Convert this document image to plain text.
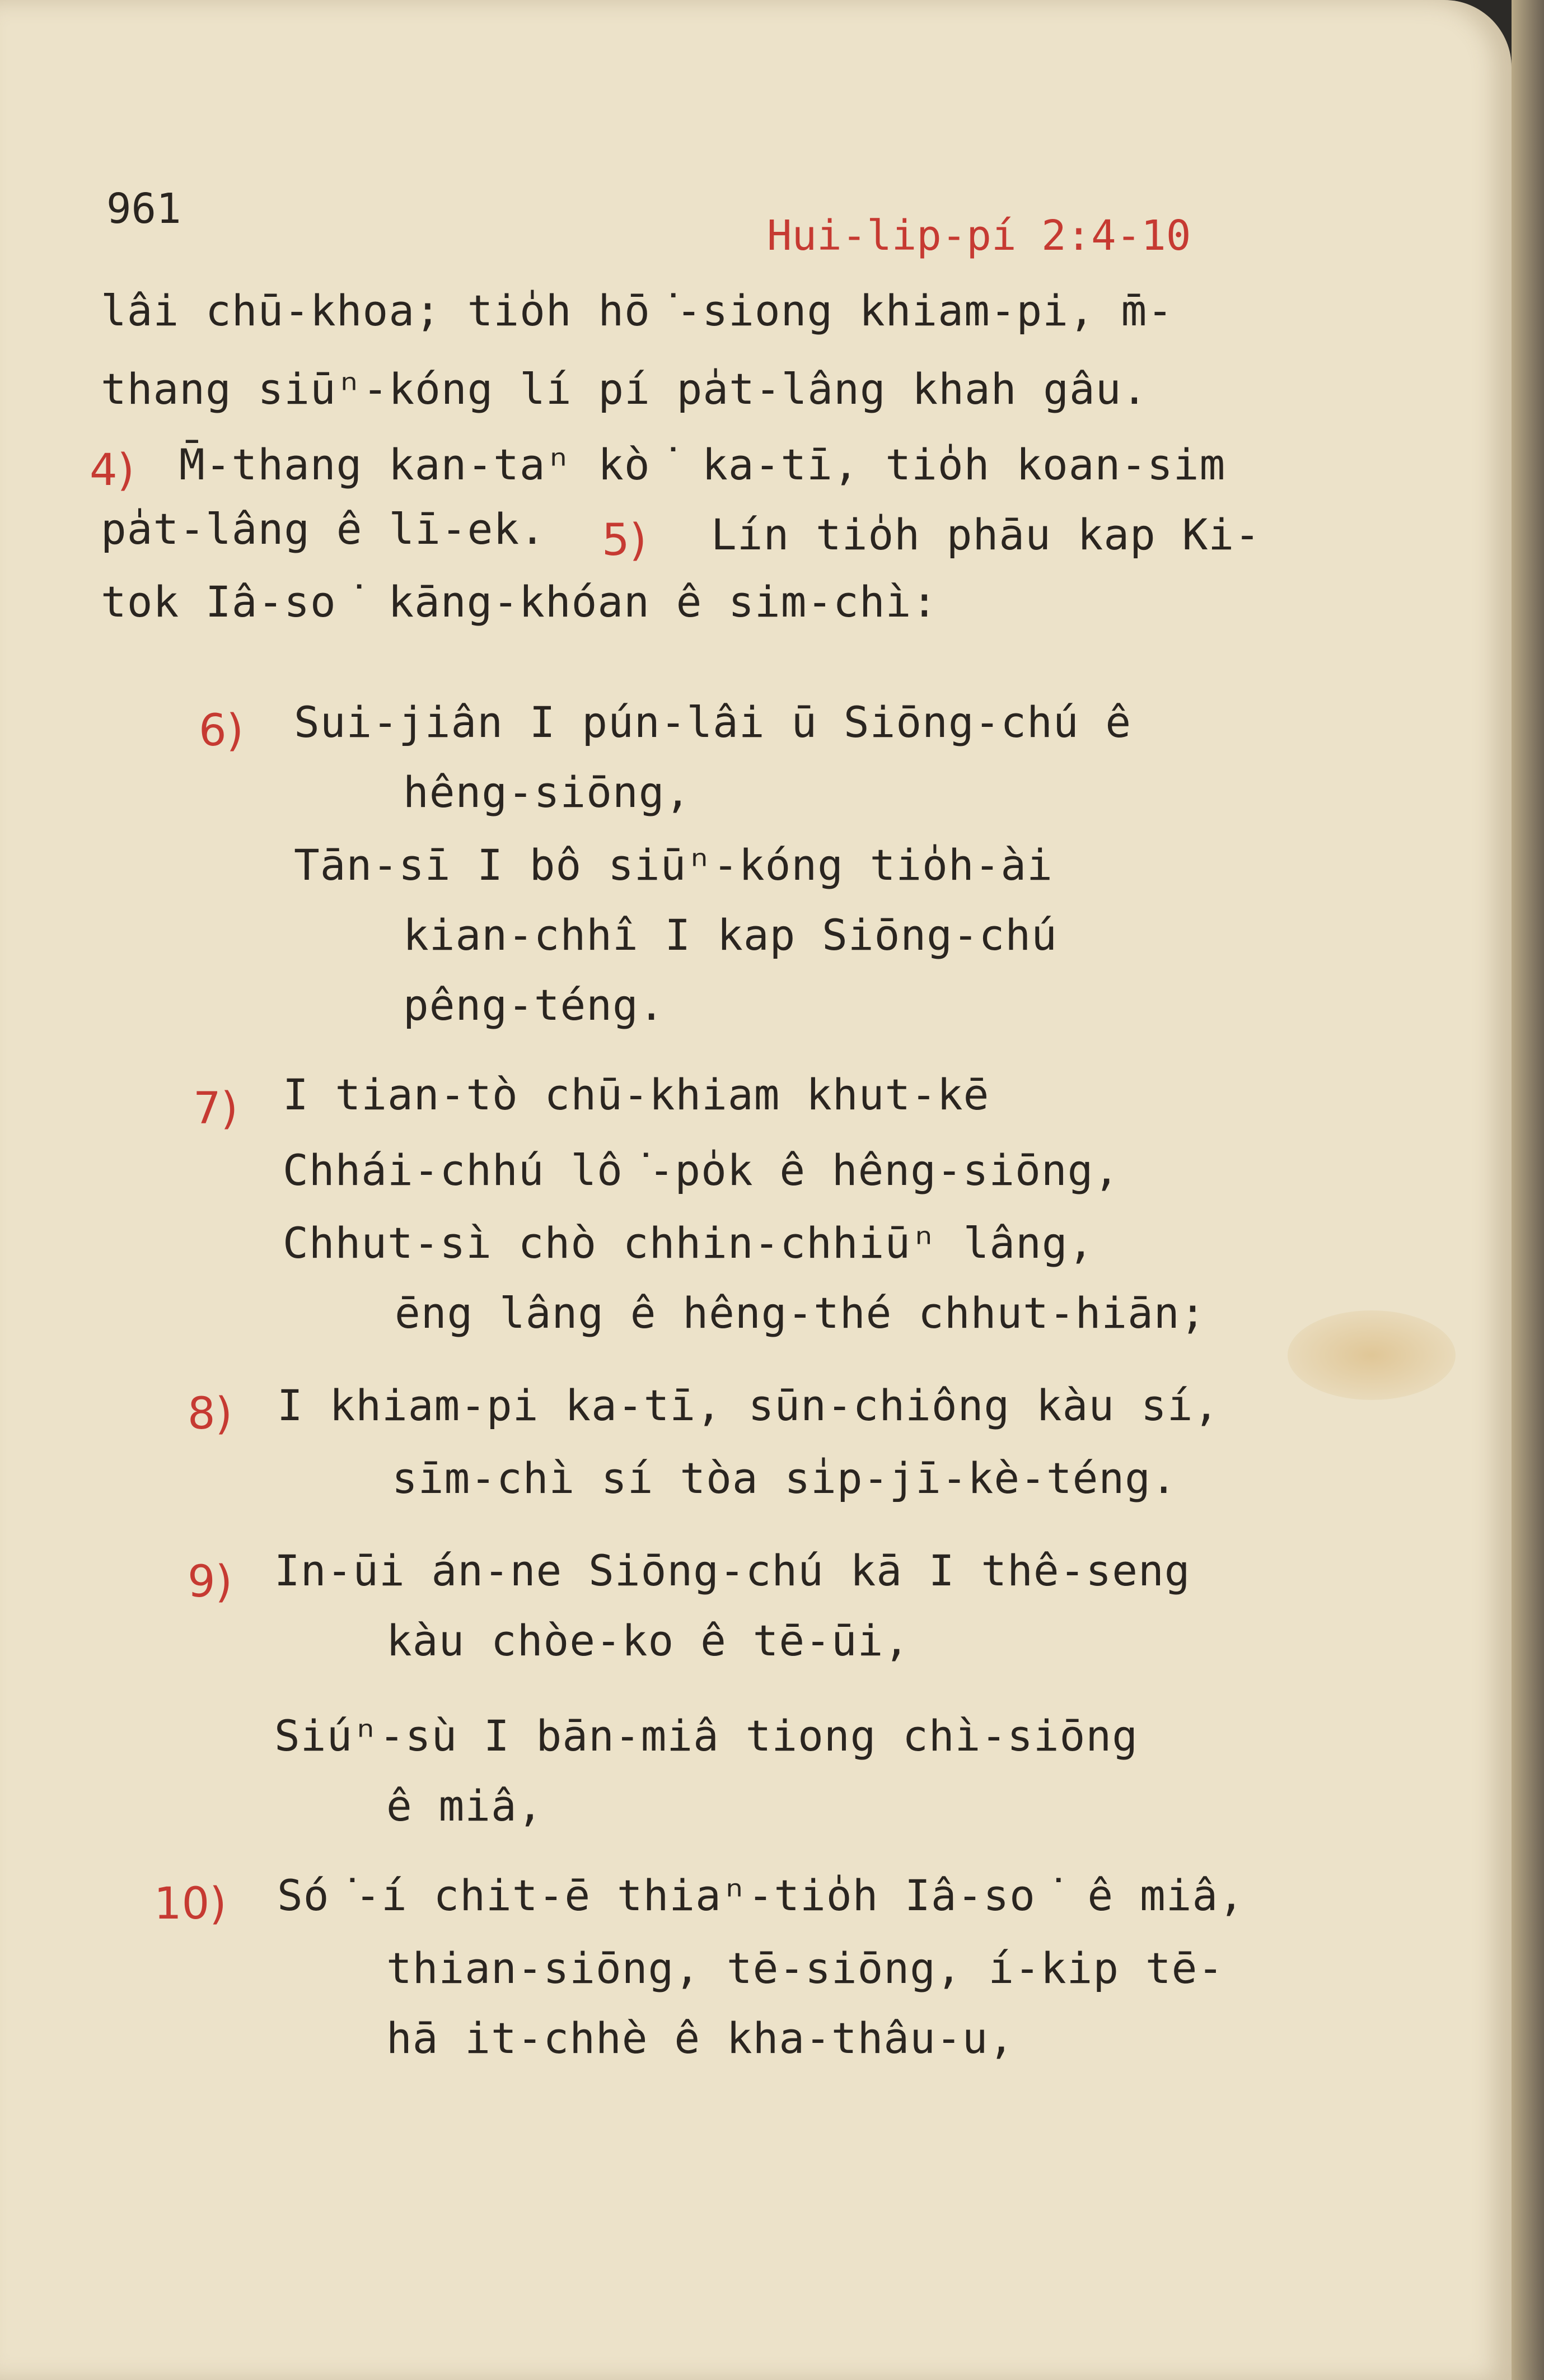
961

Hui-lip-pí 2:4-10

lâi chū-khoa; tio̍h hō͘-siong khiam-pi, m̄-

thang siūⁿ-kóng lí pí pa̍t-lâng khah gâu.

4) M̄-thang kan-taⁿ kò͘ ka-tī, tio̍h koan-sim

pa̍t-lâng ê lī-ek. 5) Lín tio̍h phāu kap Ki-

tok Iâ-so͘ kāng-khóan ê sim-chì:

6) Sui-jiân I pún-lâi ū Siōng-chú ê

hêng-siōng,

Tān-sī I bô siūⁿ-kóng tio̍h-ài

kian-chhî I kap Siōng-chú

pêng-téng.

7) I tian-tò chū-khiam khut-kē

Chhái-chhú lô͘-po̍k ê hêng-siōng,

Chhut-sì chò chhin-chhiūⁿ lâng,

ēng lâng ê hêng-thé chhut-hiān;

8) I khiam-pi ka-tī, sūn-chiông kàu sí,

sīm-chì sí tòa si̍p-jī-kè-téng.

9) In-ūi án-ne Siōng-chú kā I thê-seng

kàu chòe-ko ê tē-ūi,

Siúⁿ-sù I bān-miâ tiong chì-siōng

ê miâ,

10) Só͘-í chit-ē thiaⁿ-tio̍h Iâ-so͘ ê miâ,

thian-siōng, tē-siōng, í-kip tē-

hā it-chhè ê kha-thâu-u,
